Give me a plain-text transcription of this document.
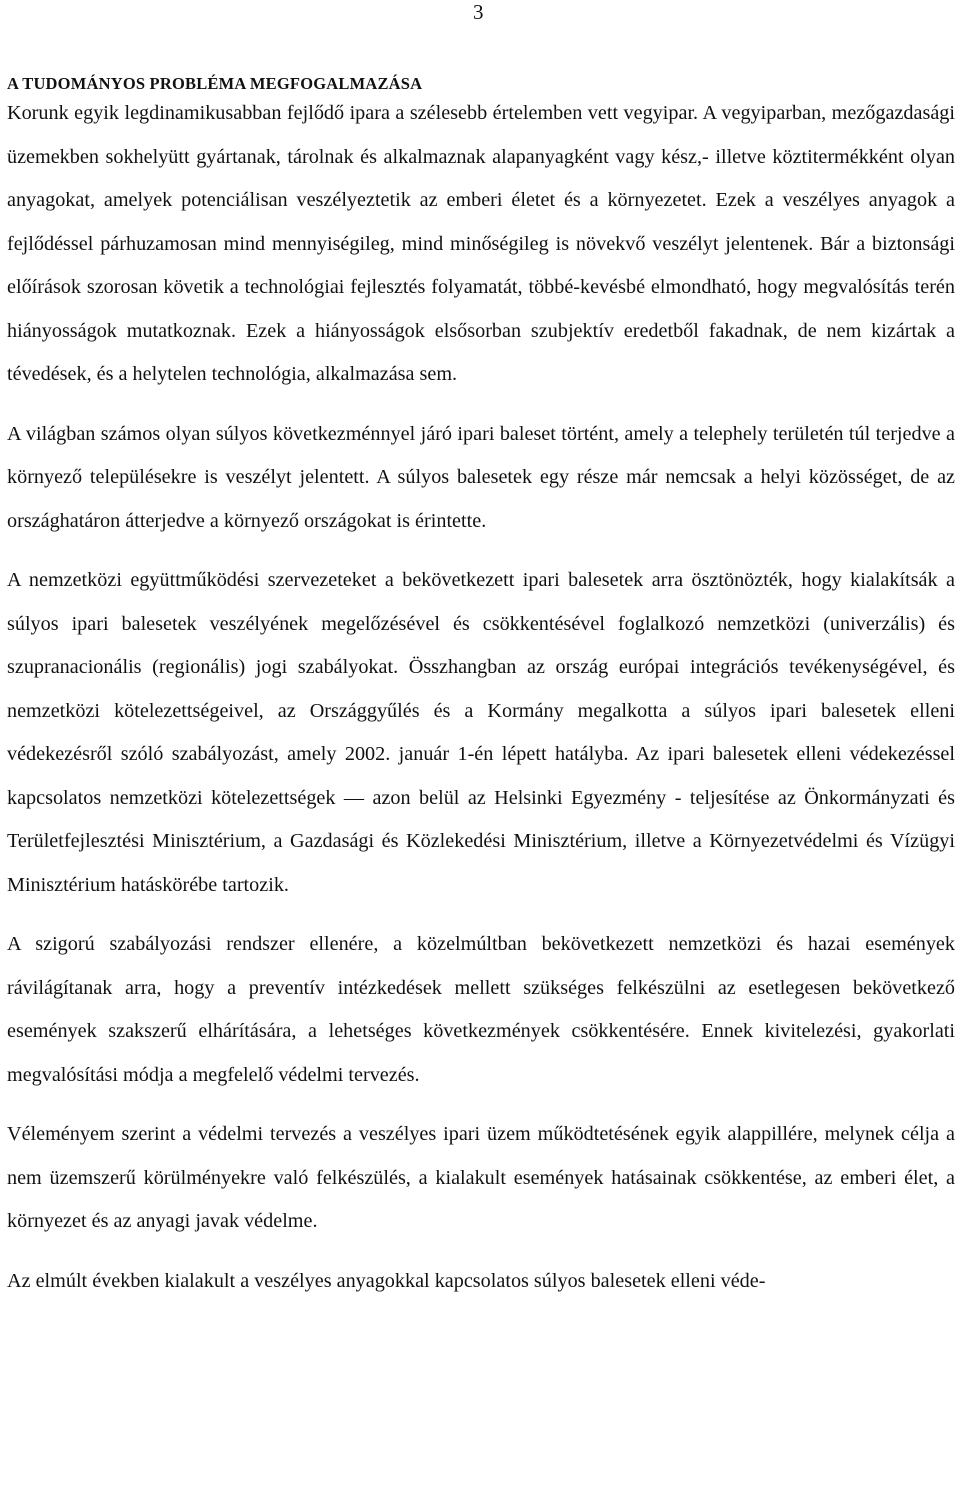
3
A TUDOMÁNYOS PROBLÉMA MEGFOGALMAZÁSA

Korunk egyik legdinamikusabban fejlődő ipara a szélesebb értelemben vett vegyipar. A vegyiparban, mezőgazdasági üzemekben sokhelyütt gyártanak, tárolnak és alkalmaznak alapanyagként vagy kész,- illetve köztitermékként olyan anyagokat, amelyek potenciálisan veszélyeztetik az emberi életet és a környezetet. Ezek a veszélyes anyagok a fejlődéssel párhuzamosan mind mennyiségileg, mind minőségileg is növekvő veszélyt jelentenek. Bár a biztonsági előírások szorosan követik a technológiai fejlesztés folyamatát, többé-kevésbé elmondható, hogy megvalósítás terén hiányosságok mutatkoznak. Ezek a hiányosságok elsősorban szubjektív eredetből fakadnak, de nem kizártak a tévedések, és a helytelen technológia, alkalmazása sem.

A világban számos olyan súlyos következménnyel járó ipari baleset történt, amely a telephely területén túl terjedve a környező településekre is veszélyt jelentett. A súlyos balesetek egy része már nemcsak a helyi közösséget, de az országhatáron átterjedve a környező országokat is érintette.

A nemzetközi együttműködési szervezeteket a bekövetkezett ipari balesetek arra ösztönözték, hogy kialakítsák a súlyos ipari balesetek veszélyének megelőzésével és csökkentésével foglalkozó nemzetközi (univerzális) és szupranacionális (regionális) jogi szabályokat. Összhangban az ország európai integrációs tevékenységével, és nemzetközi kötelezettségeivel, az Országgyűlés és a Kormány megalkotta a súlyos ipari balesetek elleni védekezésről szóló szabályozást, amely 2002. január 1-én lépett hatályba. Az ipari balesetek elleni védekezéssel kapcsolatos nemzetközi kötelezettségek — azon belül az Helsinki Egyezmény - teljesítése az Önkormányzati és Területfejlesztési Minisztérium, a Gazdasági és Közlekedési Minisztérium, illetve a Környezetvédelmi és Vízügyi Minisztérium hatáskörébe tartozik.

A szigorú szabályozási rendszer ellenére, a közelmúltban bekövetkezett nemzetközi és hazai események rávilágítanak arra, hogy a preventív intézkedések mellett szükséges felkészülni az esetlegesen bekövetkező események szakszerű elhárítására, a lehetséges következmények csökkentésére. Ennek kivitelezési, gyakorlati megvalósítási módja a megfelelő védelmi tervezés.

Véleményem szerint a védelmi tervezés a veszélyes ipari üzem működtetésének egyik alappillére, melynek célja a nem üzemszerű körülményekre való felkészülés, a kialakult események hatásainak csökkentése, az emberi élet, a környezet és az anyagi javak védelme.

Az elmúlt években kialakult a veszélyes anyagokkal kapcsolatos súlyos balesetek elleni véde-
